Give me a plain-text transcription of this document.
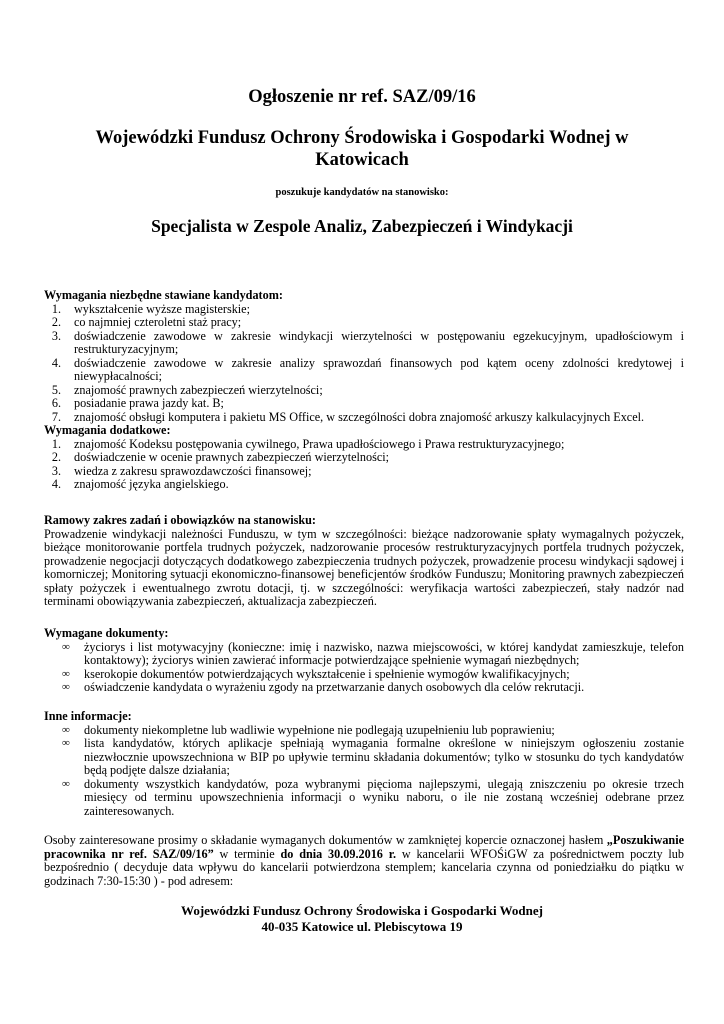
Ogłoszenie nr ref. SAZ/09/16
Wojewódzki Fundusz Ochrony Środowiska i Gospodarki Wodnej w Katowicach
poszukuje kandydatów na stanowisko:
Specjalista w Zespole Analiz, Zabezpieczeń i Windykacji
Wymagania niezbędne stawiane kandydatom:
1.	wykształcenie wyższe magisterskie;
2.	co najmniej czteroletni staż pracy;
3.	doświadczenie zawodowe w zakresie windykacji wierzytelności w postępowaniu egzekucyjnym, upadłościowym i restrukturyzacyjnym;
4.	doświadczenie zawodowe w zakresie analizy sprawozdań finansowych pod kątem oceny zdolności kredytowej i niewypłacalności;
5.	znajomość prawnych zabezpieczeń wierzytelności;
6.	posiadanie prawa jazdy kat. B;
7.	znajomość obsługi komputera i pakietu MS Office, w szczególności dobra znajomość arkuszy kalkulacyjnych Excel.
Wymagania dodatkowe:
1.	znajomość Kodeksu postępowania cywilnego, Prawa upadłościowego i Prawa restrukturyzacyjnego;
2.	doświadczenie w ocenie prawnych zabezpieczeń wierzytelności;
3.	wiedza z zakresu sprawozdawczości finansowej;
4.	znajomość języka angielskiego.
Ramowy zakres zadań i obowiązków na stanowisku:

Prowadzenie windykacji należności Funduszu, w tym w szczególności: bieżące nadzorowanie spłaty wymagalnych pożyczek, bieżące monitorowanie portfela trudnych pożyczek, nadzorowanie procesów restrukturyzacyjnych portfela trudnych pożyczek, prowadzenie negocjacji dotyczących dodatkowego zabezpieczenia trudnych pożyczek, prowadzenie procesu windykacji sądowej i komorniczej; Monitoring sytuacji ekonomiczno-finansowej beneficjentów środków Funduszu; Monitoring prawnych zabezpieczeń spłaty pożyczek i ewentualnego zwrotu dotacji, tj. w szczególności: weryfikacja wartości zabezpieczeń, stały nadzór nad terminami obowiązywania zabezpieczeń, aktualizacja zabezpieczeń.

Wymagane dokumenty:
∞	życiorys i list motywacyjny (konieczne: imię i nazwisko, nazwa miejscowości, w której kandydat zamieszkuje, telefon kontaktowy); życiorys winien zawierać informacje potwierdzające spełnienie wymagań niezbędnych;
∞	kserokopie dokumentów potwierdzających wykształcenie i spełnienie wymogów kwalifikacyjnych;
∞	oświadczenie kandydata o wyrażeniu zgody na przetwarzanie danych osobowych dla celów rekrutacji.
Inne informacje:
∞	dokumenty niekompletne lub wadliwie wypełnione nie podlegają uzupełnieniu lub poprawieniu;
∞	lista kandydatów, których aplikacje spełniają wymagania formalne określone w niniejszym ogłoszeniu zostanie niezwłocznie upowszechniona w BIP po upływie terminu składania dokumentów; tylko w stosunku do tych kandydatów będą podjęte dalsze działania;
∞	dokumenty wszystkich kandydatów, poza wybranymi pięcioma najlepszymi, ulegają zniszczeniu po okresie trzech miesięcy od terminu upowszechnienia informacji o wyniku naboru, o ile nie zostaną wcześniej odebrane przez zainteresowanych.

Osoby zainteresowane prosimy o składanie wymaganych dokumentów w zamkniętej kopercie oznaczonej hasłem „Poszukiwanie pracownika nr ref. SAZ/09/16” w terminie do dnia 30.09.2016 r. w kancelarii WFOŚiGW za pośrednictwem poczty lub bezpośrednio ( decyduje data wpływu do kancelarii potwierdzona stemplem; kancelaria czynna od poniedziałku do piątku w godzinach 7:30-15:30 ) - pod adresem:

Wojewódzki Fundusz Ochrony Środowiska i Gospodarki Wodnej
40-035 Katowice ul. Plebiscytowa 19
